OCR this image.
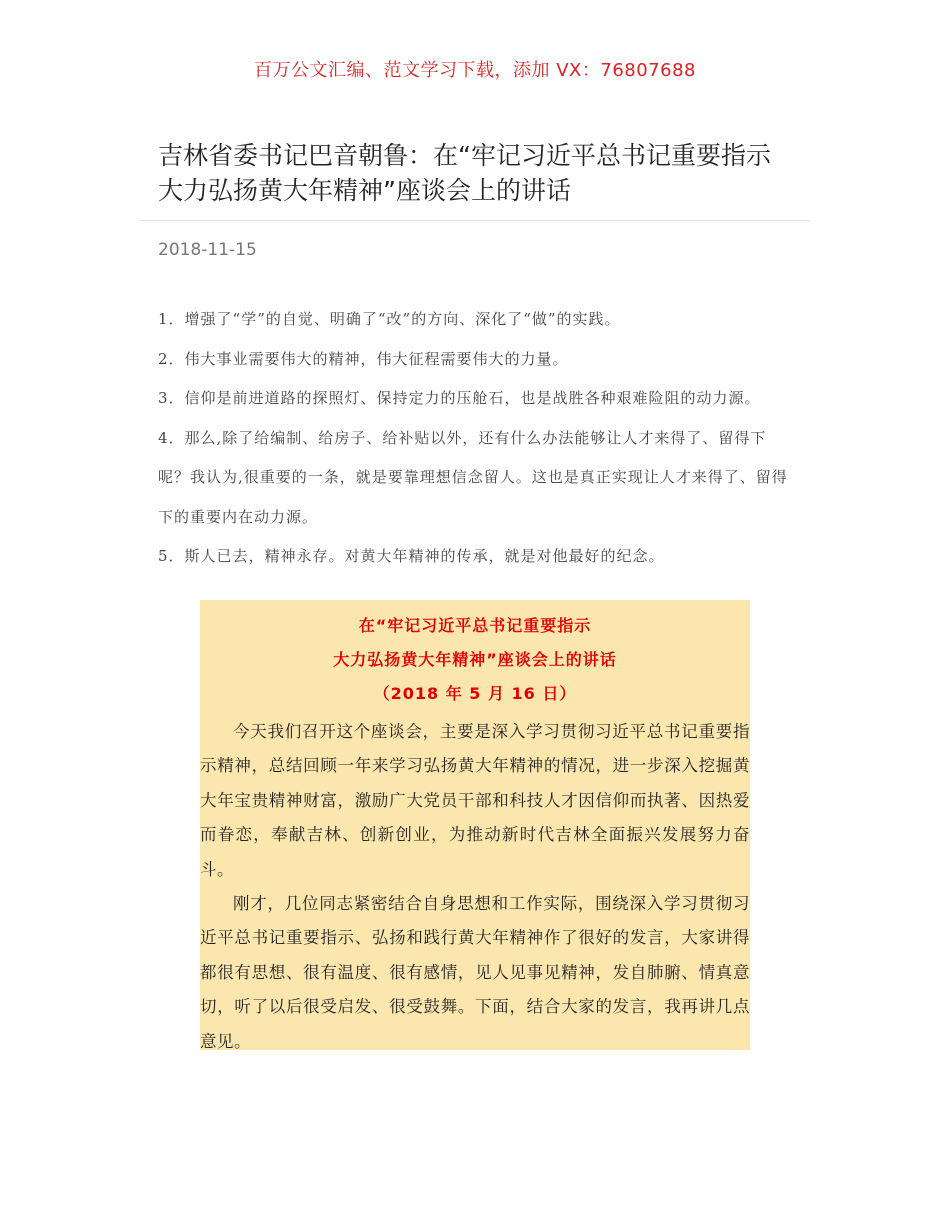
百万公文汇编、范文学习下载，添加 VX：76807688
吉林省委书记巴音朝鲁：在“牢记习近平总书记重要指示 大力弘扬黄大年精神”座谈会上的讲话
2018-11-15

1．增强了“学”的自觉、明确了“改”的方向、深化了“做”的实践。

2．伟大事业需要伟大的精神，伟大征程需要伟大的力量。

3．信仰是前进道路的探照灯、保持定力的压舱石，也是战胜各种艰难险阻的动力源。

4．那么,除了给编制、给房子、给补贴以外，还有什么办法能够让人才来得了、留得下呢？我认为,很重要的一条，就是要靠理想信念留人。这也是真正实现让人才来得了、留得下的重要内在动力源。

5．斯人已去，精神永存。对黄大年精神的传承，就是对他最好的纪念。

在“牢记习近平总书记重要指示

大力弘扬黄大年精神”座谈会上的讲话

（2018 年 5 月 16 日）

今天我们召开这个座谈会，主要是深入学习贯彻习近平总书记重要指示精神，总结回顾一年来学习弘扬黄大年精神的情况，进一步深入挖掘黄大年宝贵精神财富，激励广大党员干部和科技人才因信仰而执著、因热爱而眷恋，奉献吉林、创新创业，为推动新时代吉林全面振兴发展努力奋斗。

刚才，几位同志紧密结合自身思想和工作实际，围绕深入学习贯彻习近平总书记重要指示、弘扬和践行黄大年精神作了很好的发言，大家讲得都很有思想、很有温度、很有感情，见人见事见精神，发自肺腑、情真意切，听了以后很受启发、很受鼓舞。下面，结合大家的发言，我再讲几点意见。
